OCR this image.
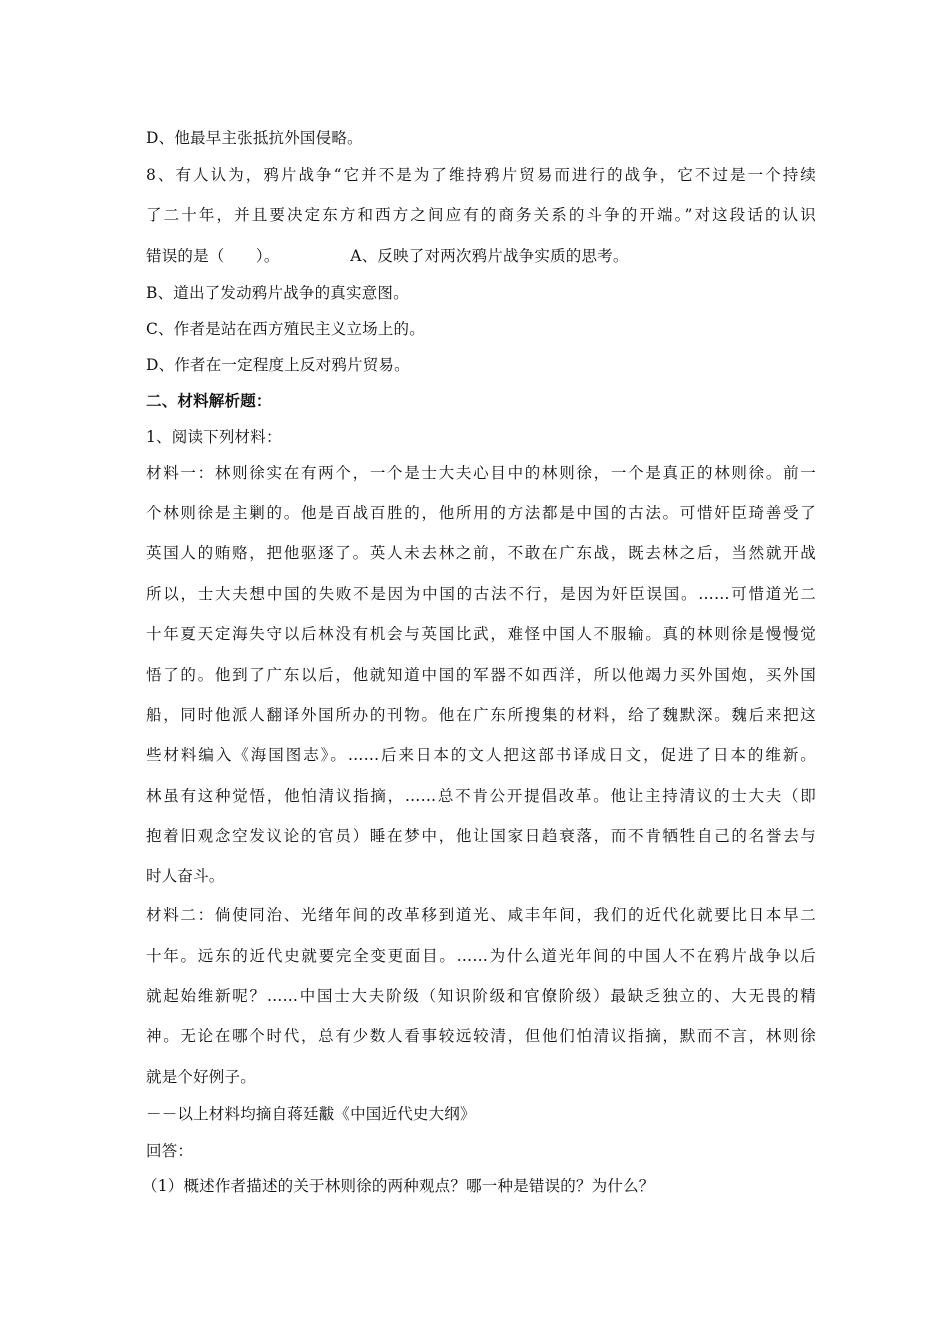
D、他最早主张抵抗外国侵略。
8、有人认为，鸦片战争“它并不是为了维持鸦片贸易而进行的战争，它不过是一个持续
了二十年，并且要决定东方和西方之间应有的商务关系的斗争的开端。”对这段话的认识
错误的是（　　）。　　　　　A、反映了对两次鸦片战争实质的思考。
B、道出了发动鸦片战争的真实意图。
C、作者是站在西方殖民主义立场上的。
D、作者在一定程度上反对鸦片贸易。
二、材料解析题：
1、阅读下列材料：
材料一：林则徐实在有两个，一个是士大夫心目中的林则徐，一个是真正的林则徐。前一
个林则徐是主剿的。他是百战百胜的，他所用的方法都是中国的古法。可惜奸臣琦善受了
英国人的贿赂，把他驱逐了。英人未去林之前，不敢在广东战，既去林之后，当然就开战
所以，士大夫想中国的失败不是因为中国的古法不行，是因为奸臣误国。……可惜道光二
十年夏天定海失守以后林没有机会与英国比武，难怪中国人不服输。真的林则徐是慢慢觉
悟了的。他到了广东以后，他就知道中国的军器不如西洋，所以他竭力买外国炮，买外国
船，同时他派人翻译外国所办的刊物。他在广东所搜集的材料，给了魏默深。魏后来把这
些材料编入《海国图志》。……后来日本的文人把这部书译成日文，促进了日本的维新。
林虽有这种觉悟，他怕清议指摘，……总不肯公开提倡改革。他让主持清议的士大夫（即
抱着旧观念空发议论的官员）睡在梦中，他让国家日趋衰落，而不肯牺牲自己的名誉去与
时人奋斗。
材料二：倘使同治、光绪年间的改革移到道光、咸丰年间，我们的近代化就要比日本早二
十年。远东的近代史就要完全变更面目。……为什么道光年间的中国人不在鸦片战争以后
就起始维新呢？……中国士大夫阶级（知识阶级和官僚阶级）最缺乏独立的、大无畏的精
神。无论在哪个时代，总有少数人看事较远较清，但他们怕清议指摘，默而不言，林则徐
就是个好例子。
－－以上材料均摘自蒋廷黻《中国近代史大纲》
回答：
（1）概述作者描述的关于林则徐的两种观点？哪一种是错误的？为什么？
